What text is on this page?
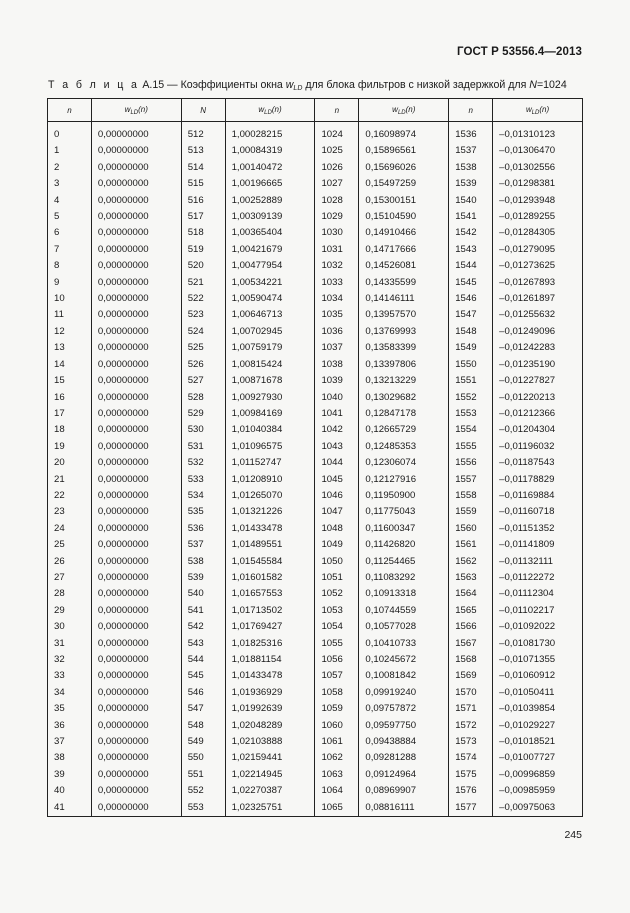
ГОСТ Р 53556.4—2013
Т а б л и ц а А.15 — Коэффициенты окна $w_{LD}$ для блока фильтров с низкой задержкой для N=1024
n	$w_{LD}(n)$	N	$w_{LD}(n)$	n	$w_{LD}(n)$	n	$w_{LD}(n)$

0	0,00000000	512	1,00028215	1024	0,16098974	1536	–0,01310123
1	0,00000000	513	1,00084319	1025	0,15896561	1537	–0,01306470
2	0,00000000	514	1,00140472	1026	0,15696026	1538	–0,01302556
3	0,00000000	515	1,00196665	1027	0,15497259	1539	–0,01298381
4	0,00000000	516	1,00252889	1028	0,15300151	1540	–0,01293948
5	0,00000000	517	1,00309139	1029	0,15104590	1541	–0,01289255
6	0,00000000	518	1,00365404	1030	0,14910466	1542	–0,01284305
7	0,00000000	519	1,00421679	1031	0,14717666	1543	–0,01279095
8	0,00000000	520	1,00477954	1032	0,14526081	1544	–0,01273625
9	0,00000000	521	1,00534221	1033	0,14335599	1545	–0,01267893
10	0,00000000	522	1,00590474	1034	0,14146111	1546	–0,01261897
11	0,00000000	523	1,00646713	1035	0,13957570	1547	–0,01255632
12	0,00000000	524	1,00702945	1036	0,13769993	1548	–0,01249096
13	0,00000000	525	1,00759179	1037	0,13583399	1549	–0,01242283
14	0,00000000	526	1,00815424	1038	0,13397806	1550	–0,01235190
15	0,00000000	527	1,00871678	1039	0,13213229	1551	–0,01227827
16	0,00000000	528	1,00927930	1040	0,13029682	1552	–0,01220213
17	0,00000000	529	1,00984169	1041	0,12847178	1553	–0,01212366
18	0,00000000	530	1,01040384	1042	0,12665729	1554	–0,01204304
19	0,00000000	531	1,01096575	1043	0,12485353	1555	–0,01196032
20	0,00000000	532	1,01152747	1044	0,12306074	1556	–0,01187543
21	0,00000000	533	1,01208910	1045	0,12127916	1557	–0,01178829
22	0,00000000	534	1,01265070	1046	0,11950900	1558	–0,01169884
23	0,00000000	535	1,01321226	1047	0,11775043	1559	–0,01160718
24	0,00000000	536	1,01433478	1048	0,11600347	1560	–0,01151352
25	0,00000000	537	1,01489551	1049	0,11426820	1561	–0,01141809
26	0,00000000	538	1,01545584	1050	0,11254465	1562	–0,01132111
27	0,00000000	539	1,01601582	1051	0,11083292	1563	–0,01122272
28	0,00000000	540	1,01657553	1052	0,10913318	1564	–0,01112304
29	0,00000000	541	1,01713502	1053	0,10744559	1565	–0,01102217
30	0,00000000	542	1,01769427	1054	0,10577028	1566	–0,01092022
31	0,00000000	543	1,01825316	1055	0,10410733	1567	–0,01081730
32	0,00000000	544	1,01881154	1056	0,10245672	1568	–0,01071355
33	0,00000000	545	1,01433478	1057	0,10081842	1569	–0,01060912
34	0,00000000	546	1,01936929	1058	0,09919240	1570	–0,01050411
35	0,00000000	547	1,01992639	1059	0,09757872	1571	–0,01039854
36	0,00000000	548	1,02048289	1060	0,09597750	1572	–0,01029227
37	0,00000000	549	1,02103888	1061	0,09438884	1573	–0,01018521
38	0,00000000	550	1,02159441	1062	0,09281288	1574	–0,01007727
39	0,00000000	551	1,02214945	1063	0,09124964	1575	–0,00996859
40	0,00000000	552	1,02270387	1064	0,08969907	1576	–0,00985959
41	0,00000000	553	1,02325751	1065	0,08816111	1577	–0,00975063
245
